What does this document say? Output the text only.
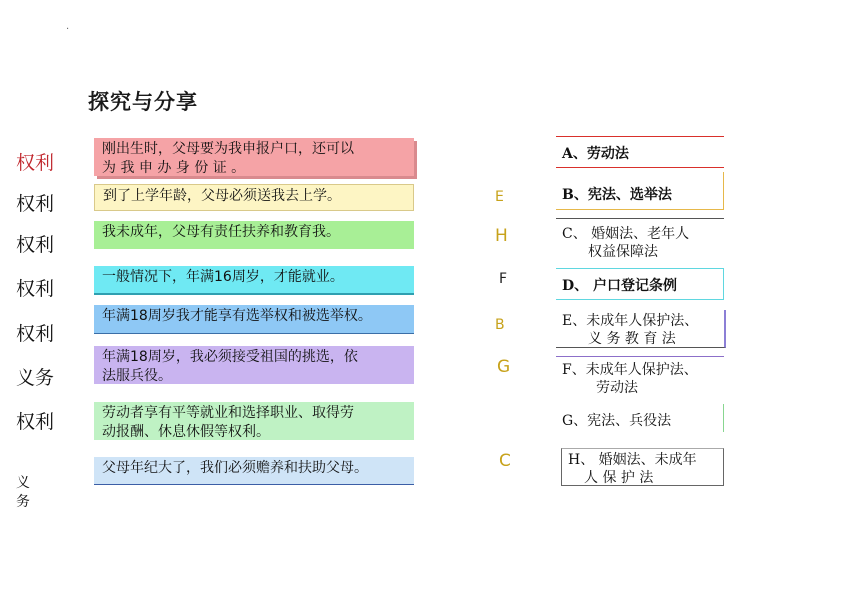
·
探究与分享
权利
权利
权利
权利
权利
义务
权利
义
务
刚出生时，父母要为我申报户口，还可以
为 我 申 办 身 份 证 。
到了上学年龄，父母必须送我去上学。
我未成年，父母有责任扶养和教育我。
一般情况下，年满16周岁，才能就业。
年满18周岁我才能享有选举权和被选举权。
年满18周岁，我必须接受祖国的挑选，依
法服兵役。
劳动者享有平等就业和选择职业、取得劳
动报酬、休息休假等权利。
父母年纪大了，我们必须赡养和扶助父母。
E
H
F
B
G
C
A、劳动法
B、宪法、选举法
C、 婚姻法、老年人
权益保障法
D、 户口登记条例
E、未成年人保护法、
义 务 教 育 法
F、未成年人保护法、
劳动法
G、宪法、兵役法
H、 婚姻法、未成年
人 保 护 法
